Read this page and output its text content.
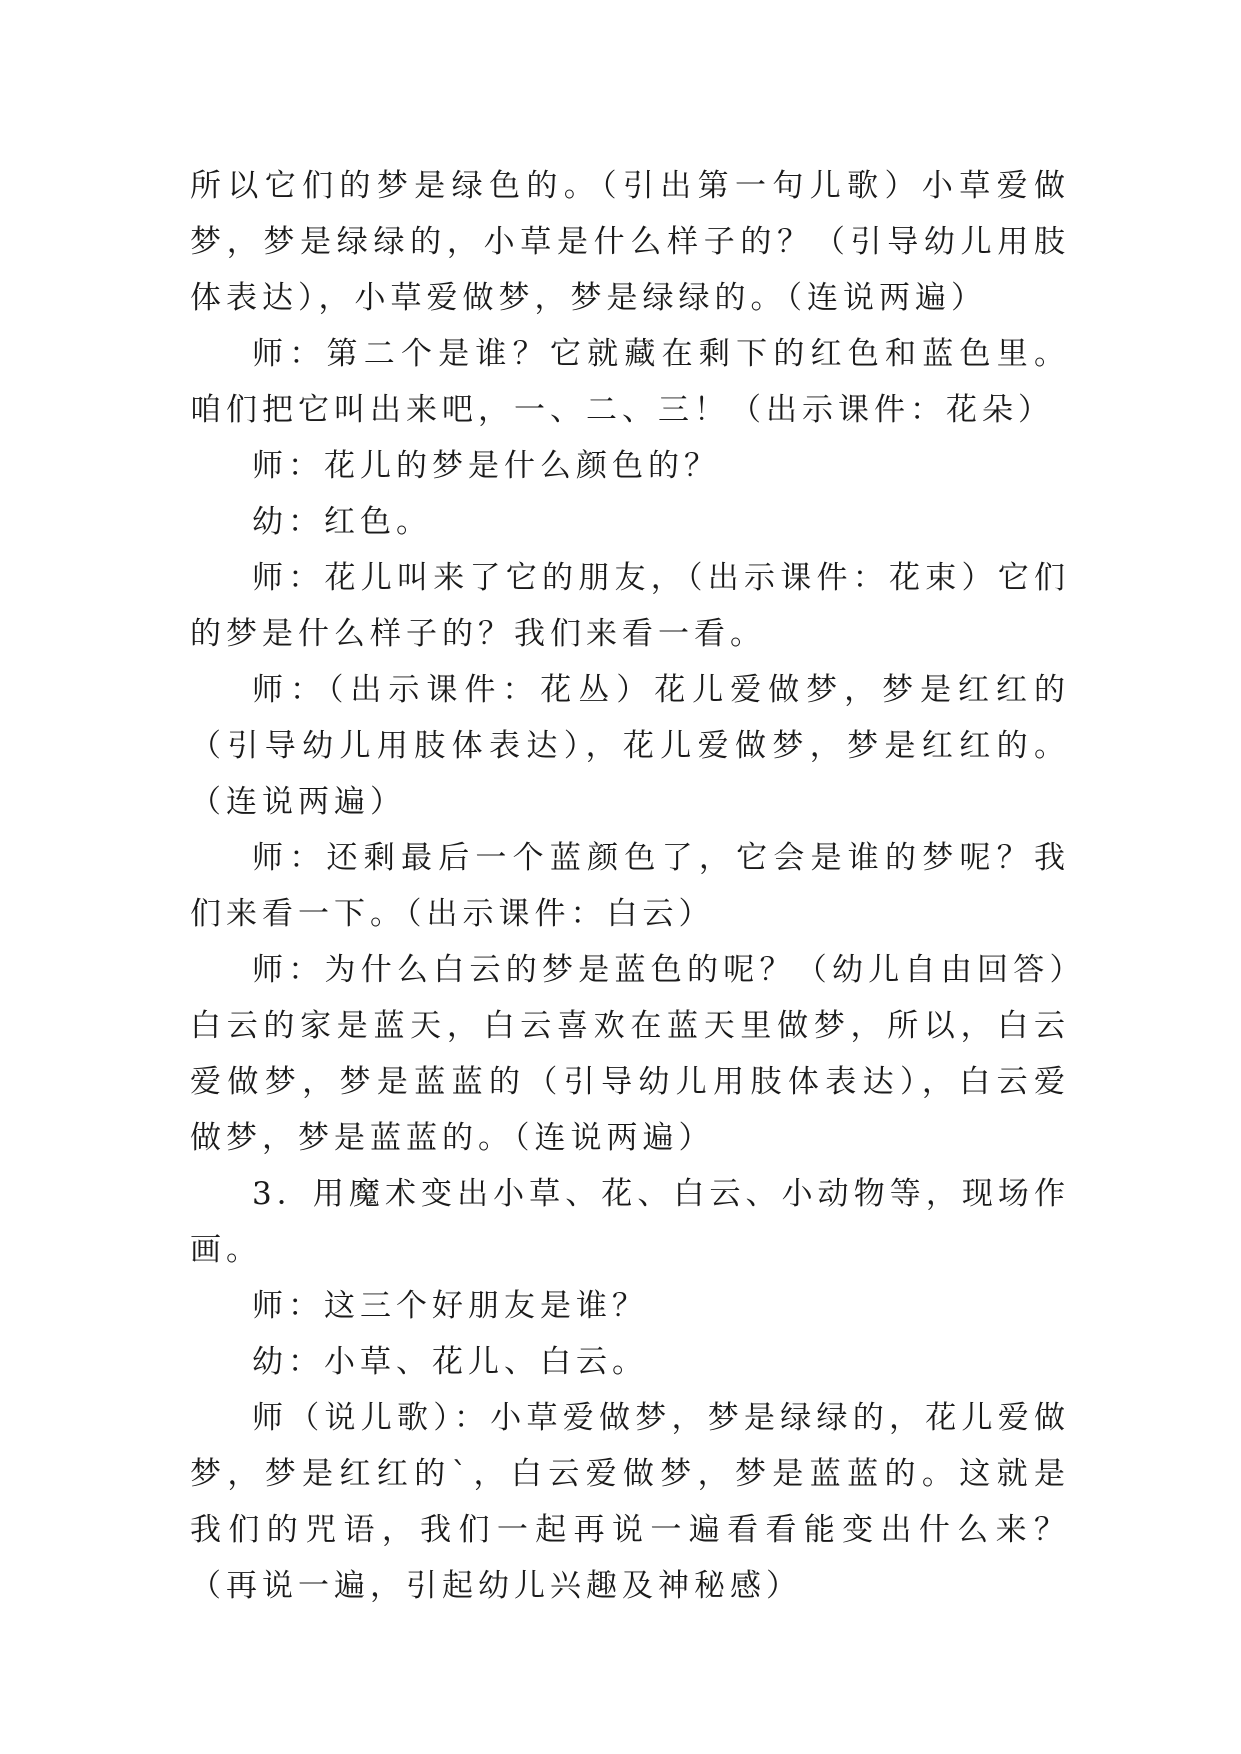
所以它们的梦是绿色的。（引出第一句儿歌）小草爱做梦，梦是绿绿的，小草是什么样子的？（引导幼儿用肢体表达），小草爱做梦，梦是绿绿的。（连说两遍）

师：第二个是谁？它就藏在剩下的红色和蓝色里。咱们把它叫出来吧，一、二、三！（出示课件：花朵）

师：花儿的梦是什么颜色的？

幼：红色。

师：花儿叫来了它的朋友，（出示课件：花束）它们的梦是什么样子的？我们来看一看。

师：（出示课件：花丛）花儿爱做梦，梦是红红的（引导幼儿用肢体表达），花儿爱做梦，梦是红红的。（连说两遍）

师：还剩最后一个蓝颜色了，它会是谁的梦呢？我们来看一下。（出示课件：白云）

师：为什么白云的梦是蓝色的呢？（幼儿自由回答）白云的家是蓝天，白云喜欢在蓝天里做梦，所以，白云爱做梦，梦是蓝蓝的（引导幼儿用肢体表达），白云爱做梦，梦是蓝蓝的。（连说两遍）

3．用魔术变出小草、花、白云、小动物等，现场作画。

师：这三个好朋友是谁？

幼：小草、花儿、白云。

师（说儿歌）：小草爱做梦，梦是绿绿的，花儿爱做梦，梦是红红的`，白云爱做梦，梦是蓝蓝的。这就是我们的咒语，我们一起再说一遍看看能变出什么来？（再说一遍，引起幼儿兴趣及神秘感）
